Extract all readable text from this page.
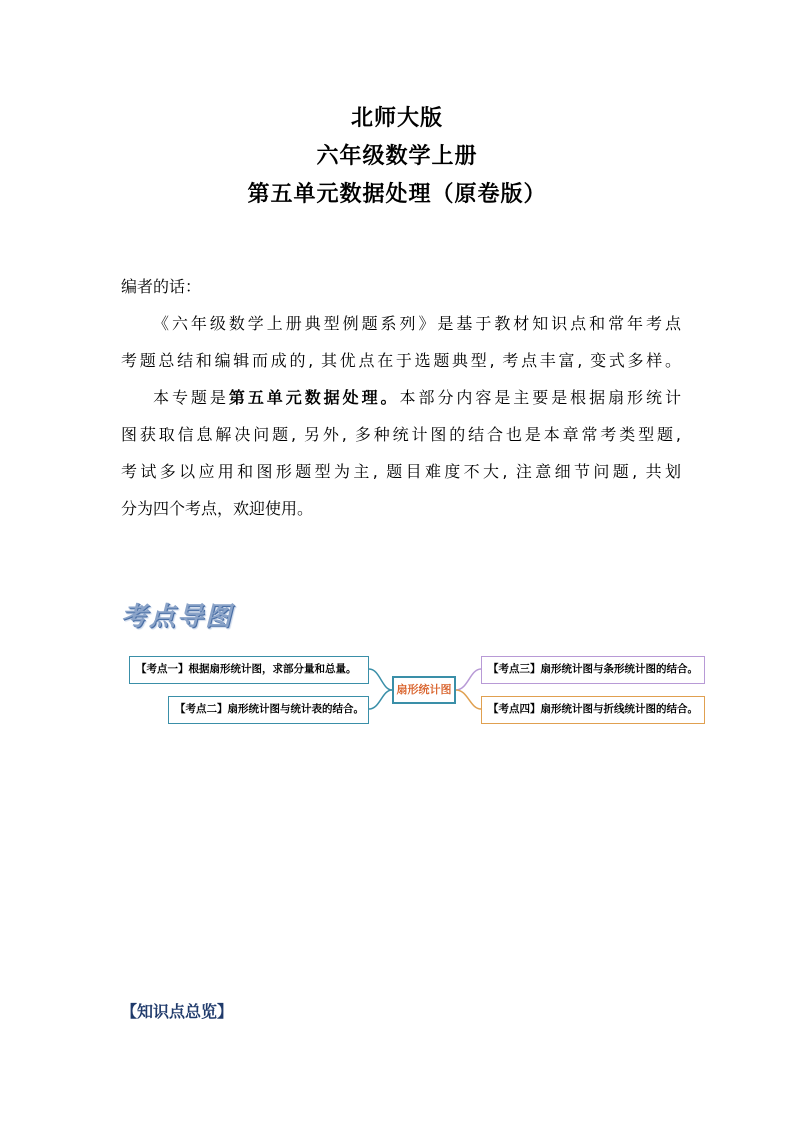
北师大版
六年级数学上册
第五单元数据处理（原卷版）

编者的话：

《六年级数学上册典型例题系列》是基于教材知识点和常年考点

考题总结和编辑而成的, 其优点在于选题典型, 考点丰富, 变式多样。

本专题是第五单元数据处理。本部分内容是主要是根据扇形统计

图获取信息解决问题, 另外, 多种统计图的结合也是本章常考类型题,

考试多以应用和图形题型为主, 题目难度不大, 注意细节问题, 共划

分为四个考点，欢迎使用。

考点导图
扇形统计图
【考点一】根据扇形统计图，求部分量和总量。
【考点二】扇形统计图与统计表的结合。
【考点三】扇形统计图与条形统计图的结合。
【考点四】扇形统计图与折线统计图的结合。
【知识点总览】
